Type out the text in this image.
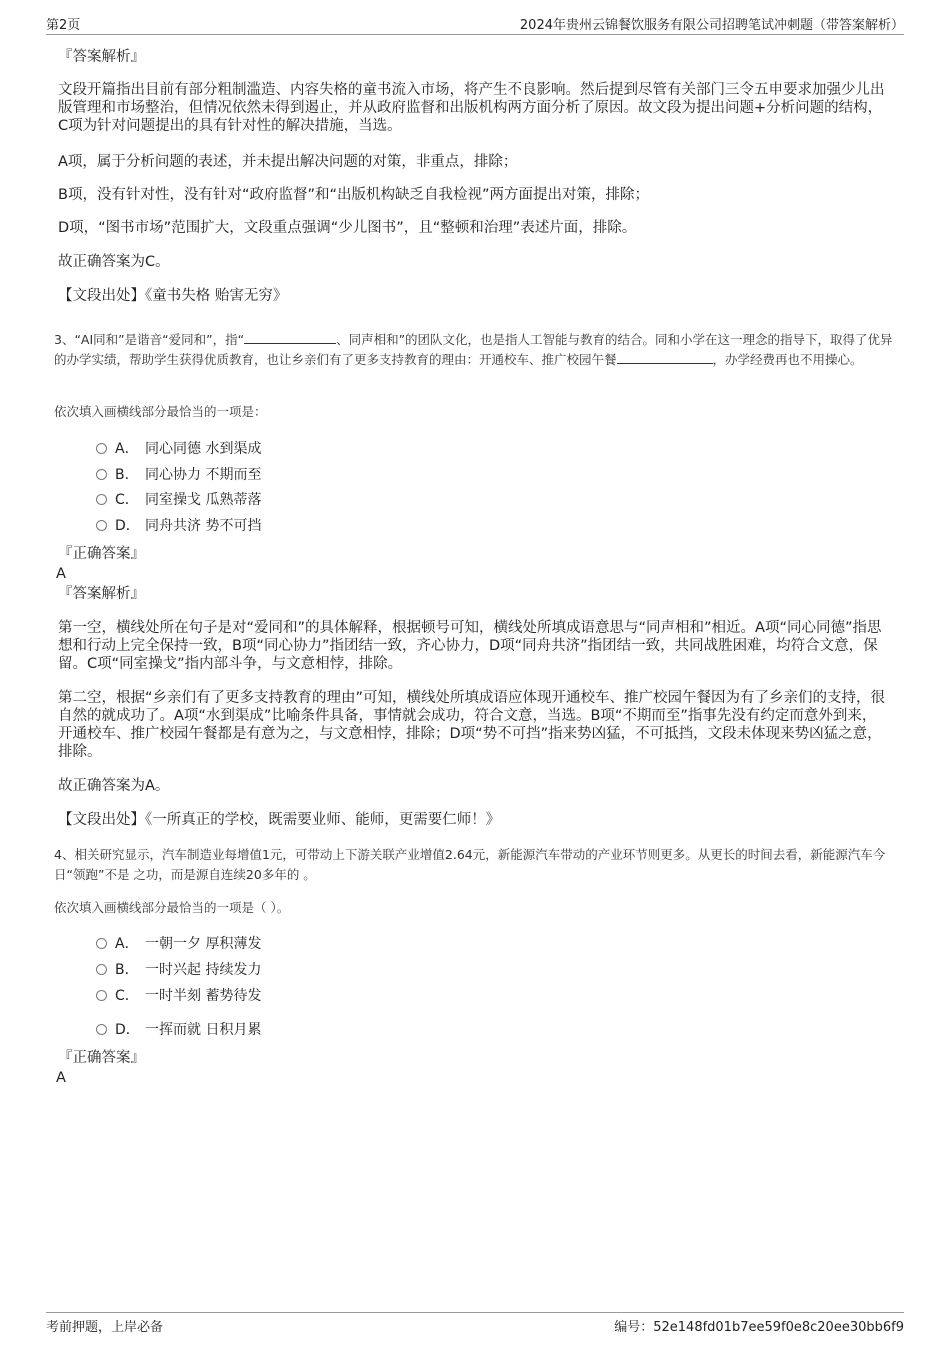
第2页	2024年贵州云锦餐饮服务有限公司招聘笔试冲刺题（带答案解析）
『答案解析』
文段开篇指出目前有部分粗制滥造、内容失格的童书流入市场，将产生不良影响。然后提到尽管有关部门三令五申要求加强少儿出版管理和市场整治，但情况依然未得到遏止，并从政府监督和出版机构两方面分析了原因。故文段为提出问题+分析问题的结构，C项为针对问题提出的具有针对性的解决措施，当选。
A项，属于分析问题的表述，并未提出解决问题的对策，非重点，排除；
B项，没有针对性，没有针对“政府监督”和“出版机构缺乏自我检视”两方面提出对策，排除；
D项，“图书市场”范围扩大，文段重点强调“少儿图书”，且“整顿和治理”表述片面，排除。
故正确答案为C。
【文段出处】《童书失格 贻害无穷》
3、“AI同和”是谐音“爱同和”，指“	、同声相和”的团队文化，也是指人工智能与教育的结合。同和小学在这一理念的指导下，取得了优异的办学实绩，帮助学生获得优质教育，也让乡亲们有了更多支持教育的理由：开通校车、推广校园午餐	，办学经费再也不用操心。
依次填入画横线部分最恰当的一项是：
A． 同心同德 水到渠成
B． 同心协力 不期而至
C． 同室操戈 瓜熟蒂落
D． 同舟共济 势不可挡
『正确答案』
A
『答案解析』
第一空，横线处所在句子是对“爱同和”的具体解释，根据顿号可知，横线处所填成语意思与“同声相和”相近。A项“同心同德”指思想和行动上完全保持一致，B项“同心协力”指团结一致，齐心协力，D项“同舟共济”指团结一致，共同战胜困难，均符合文意，保留。C项“同室操戈”指内部斗争，与文意相悖，排除。
第二空，根据“乡亲们有了更多支持教育的理由”可知，横线处所填成语应体现开通校车、推广校园午餐因为有了乡亲们的支持，很自然的就成功了。A项“水到渠成”比喻条件具备，事情就会成功，符合文意，当选。B项“不期而至”指事先没有约定而意外到来，开通校车、推广校园午餐都是有意为之，与文意相悖，排除；D项“势不可挡”指来势凶猛，不可抵挡，文段未体现来势凶猛之意，排除。
故正确答案为A。
【文段出处】《一所真正的学校，既需要业师、能师，更需要仁师！》
4、相关研究显示，汽车制造业每增值1元，可带动上下游关联产业增值2.64元，新能源汽车带动的产业环节则更多。从更长的时间去看，新能源汽车今日“领跑”不是 之功，而是源自连续20多年的 。
依次填入画横线部分最恰当的一项是（ ）。
A． 一朝一夕 厚积薄发
B． 一时兴起 持续发力
C． 一时半刻 蓄势待发
D． 一挥而就 日积月累
『正确答案』
A
考前押题，上岸必备	编号：52e148fd01b7ee59f0e8c20ee30bb6f9
